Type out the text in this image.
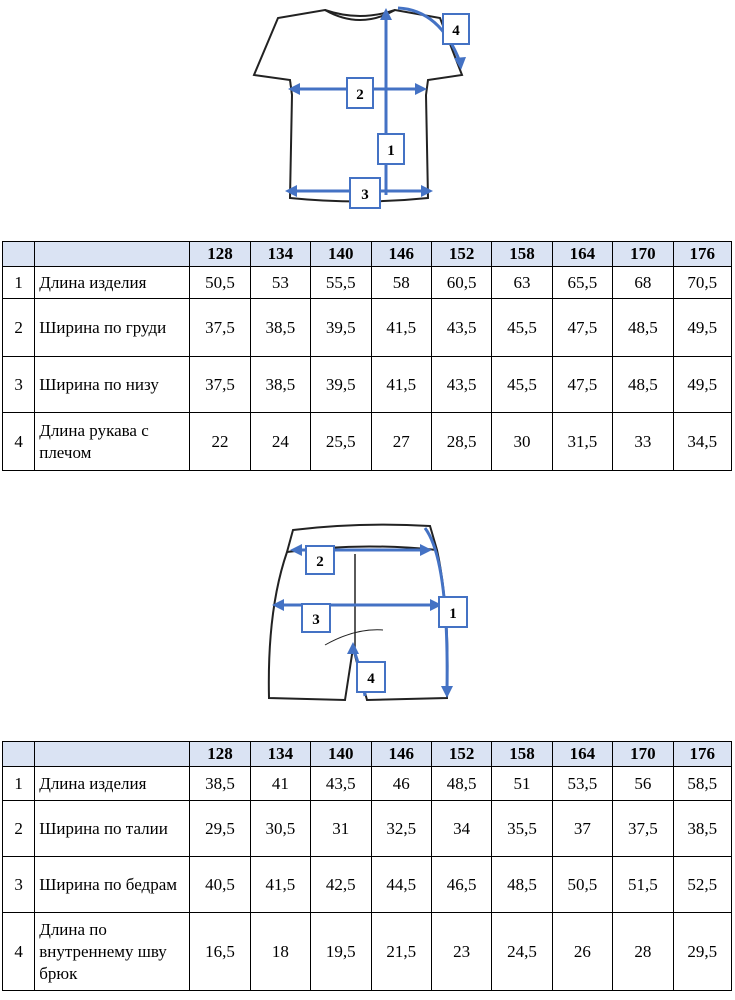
1
2
3
4
		128	134	140	146	152	158	164	170	176
1	Длина изделия	50,5	53	55,5	58	60,5	63	65,5	68	70,5
2	Ширина по груди	37,5	38,5	39,5	41,5	43,5	45,5	47,5	48,5	49,5
3	Ширина по низу	37,5	38,5	39,5	41,5	43,5	45,5	47,5	48,5	49,5
4	Длина рукава с плечом	22	24	25,5	27	28,5	30	31,5	33	34,5
2
3	1
4
		128	134	140	146	152	158	164	170	176
1	Длина изделия	38,5	41	43,5	46	48,5	51	53,5	56	58,5
2	Ширина по талии	29,5	30,5	31	32,5	34	35,5	37	37,5	38,5
3	Ширина по бедрам	40,5	41,5	42,5	44,5	46,5	48,5	50,5	51,5	52,5
4	Длина по внутреннему шву брюк	16,5	18	19,5	21,5	23	24,5	26	28	29,5
